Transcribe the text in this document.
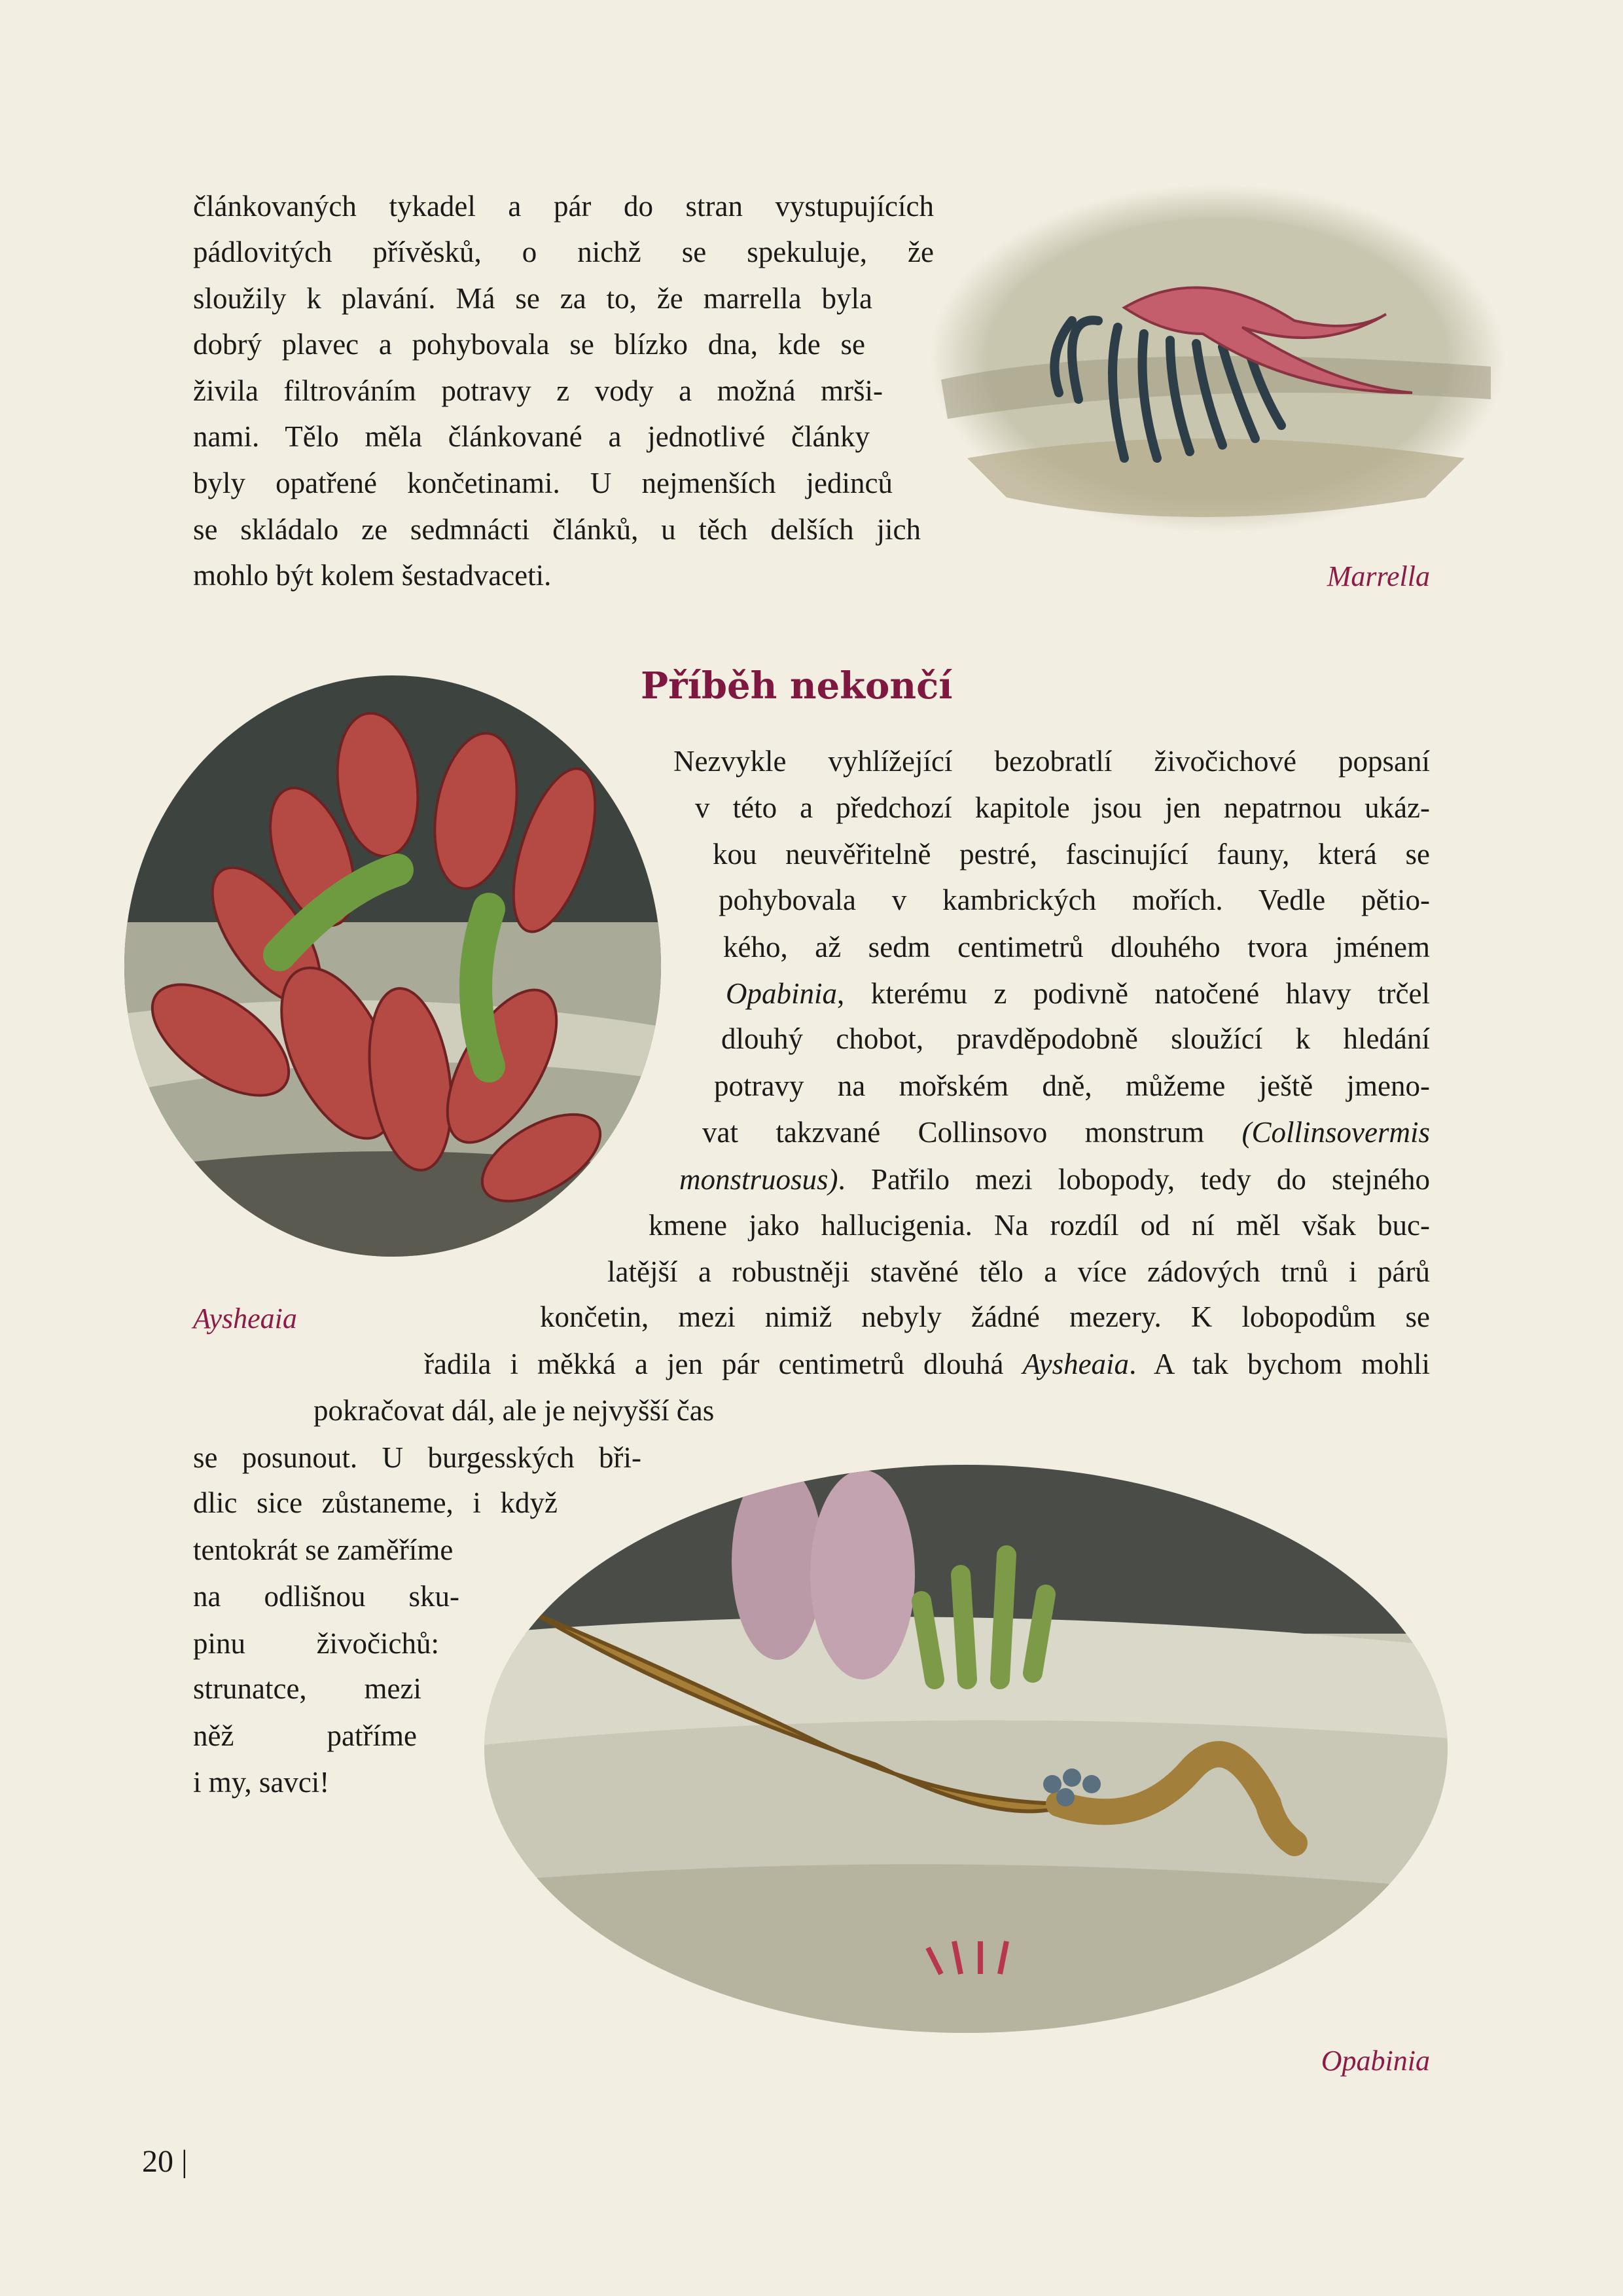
článkovaných tykadel a pár do stran vystupujících
pádlovitých přívěsků, o nichž se spekuluje, že
sloužily k plavání. Má se za to, že marrella byla
dobrý plavec a pohybovala se blízko dna, kde se
živila filtrováním potravy z vody a možná mrši-
nami. Tělo měla článkované a jednotlivé články
byly opatřené končetinami. U nejmenších jedinců
se skládalo ze sedmnácti článků, u těch delších jich
mohlo být kolem šestadvaceti.
Nezvykle vyhlížející bezobratlí živočichové popsaní
v této a předchozí kapitole jsou jen nepatrnou ukáz-
kou neuvěřitelně pestré, fascinující fauny, která se
pohybovala v kambrických mořích. Vedle pětio-
kého, až sedm centimetrů dlouhého tvora jménem
Opabinia, kterému z podivně natočené hlavy trčel
dlouhý chobot, pravděpodobně sloužící k hledání
potravy na mořském dně, můžeme ještě jmeno-
vat takzvané Collinsovo monstrum (Collinsovermis
monstruosus). Patřilo mezi lobopody, tedy do stejného
kmene jako hallucigenia. Na rozdíl od ní měl však buc-
latější a robustněji stavěné tělo a více zádových trnů i párů
končetin, mezi nimiž nebyly žádné mezery. K lobopodům se
řadila i měkká a jen pár centimetrů dlouhá Aysheaia. A tak bychom mohli
pokračovat dál, ale je nejvyšší čas
se posunout. U burgesských bři-
dlic sice zůstaneme, i když
tentokrát se zaměříme
na odlišnou sku-
pinu živočichů:
strunatce, mezi
něž patříme
i my, savci!
Příběh nekončí
Marrella
Aysheaia
Opabinia
20 |
